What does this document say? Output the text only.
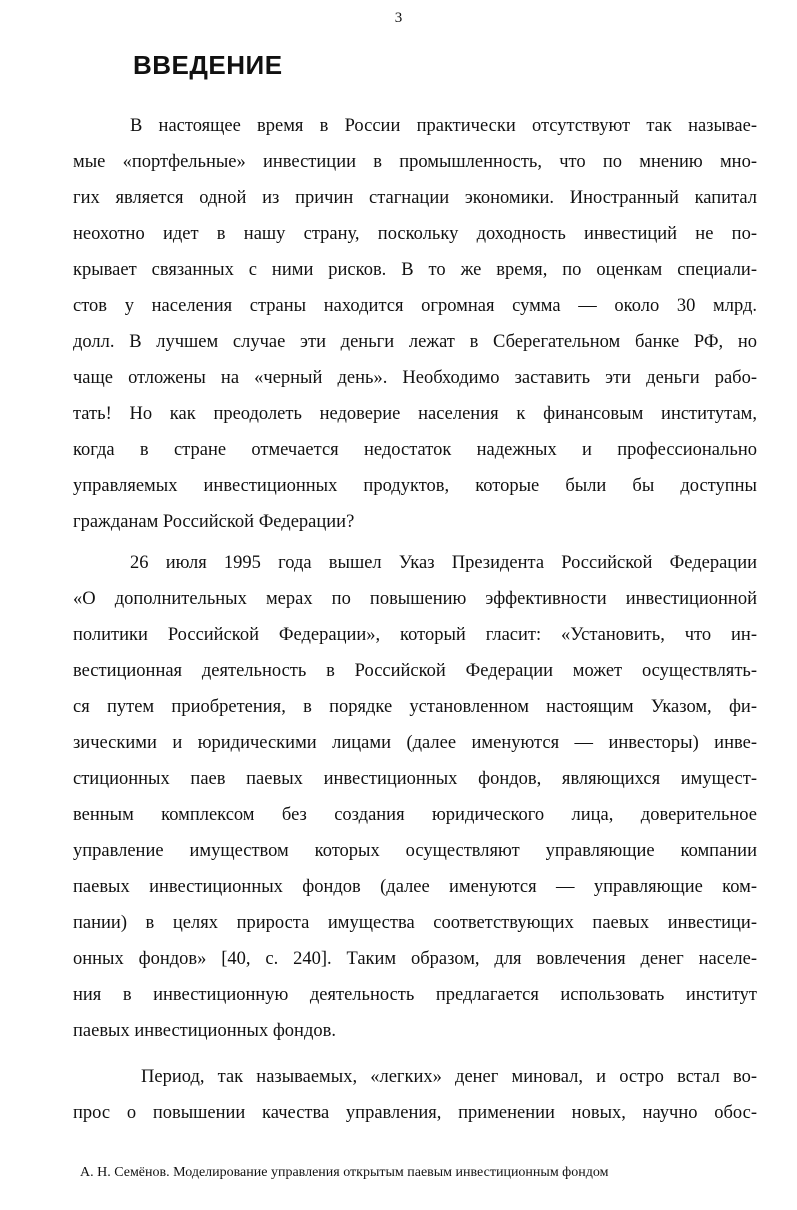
3
ВВЕДЕНИЕ
В настоящее время в России практически отсутствуют так называе-
мые «портфельные» инвестиции в промышленность, что по мнению мно-
гих является одной из причин стагнации экономики. Иностранный капитал
неохотно идет в нашу страну, поскольку доходность инвестиций не по-
крывает связанных с ними рисков. В то же время, по оценкам специали-
стов у населения страны находится огромная сумма — около 30 млрд.
долл. В лучшем случае эти деньги лежат в Сберегательном банке РФ, но
чаще отложены на «черный день». Необходимо заставить эти деньги рабо-
тать! Но как преодолеть недоверие населения к финансовым институтам,
когда в стране отмечается недостаток надежных и профессионально
управляемых инвестиционных продуктов, которые были бы доступны
гражданам Российской Федерации?
26 июля 1995 года вышел Указ Президента Российской Федерации
«О дополнительных мерах по повышению эффективности инвестиционной
политики Российской Федерации», который гласит: «Установить, что ин-
вестиционная деятельность в Российской Федерации может осуществлять-
ся путем приобретения, в порядке установленном настоящим Указом, фи-
зическими и юридическими лицами (далее именуются — инвесторы) инве-
стиционных паев паевых инвестиционных фондов, являющихся имущест-
венным комплексом без создания юридического лица, доверительное
управление имуществом которых осуществляют управляющие компании
паевых инвестиционных фондов (далее именуются — управляющие ком-
пании) в целях прироста имущества соответствующих паевых инвестици-
онных фондов» [40, с. 240]. Таким образом, для вовлечения денег населе-
ния в инвестиционную деятельность предлагается использовать институт
паевых инвестиционных фондов.
Период, так называемых, «легких» денег миновал, и остро встал во-
прос о повышении качества управления, применении новых, научно обос-
А. Н. Семёнов. Моделирование управления открытым паевым инвестиционным фондом
